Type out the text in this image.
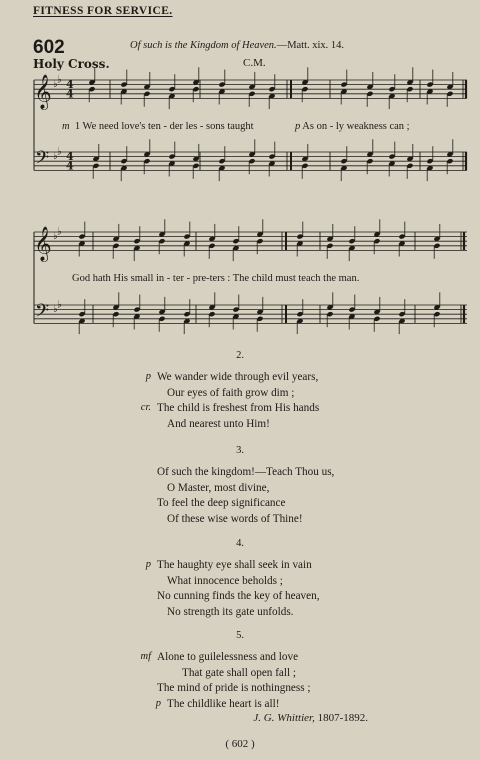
FITNESS FOR SERVICE.
602	Of such is the Kingdom of Heaven.—Matt. xix. 14.
Holy Cross.	C.M.
𝄞 ♭ ♭
𝄢 ♭ ♭
4
4
4
4
𝄞 ♭ ♭
𝄢 ♭ ♭
m 1 We need love's ten - der les - sons taught	p As on - ly weakness can ;
God hath His small in - ter - pre-ters : The child must teach the man.
2.
p We wander wide through evil years,
Our eyes of faith grow dim ;
cr. The child is freshest from His hands
And nearest unto Him!
3.
Of such the kingdom!—Teach Thou us,
O Master, most divine,
To feel the deep significance
Of these wise words of Thine!
4.
p The haughty eye shall seek in vain
What innocence beholds ;
No cunning finds the key of heaven,
No strength its gate unfolds.
5.
mf Alone to guilelessness and love
That gate shall open fall ;
The mind of pride is nothingness ;
p The childlike heart is all!
J. G. Whittier, 1807-1892.
( 602 )
